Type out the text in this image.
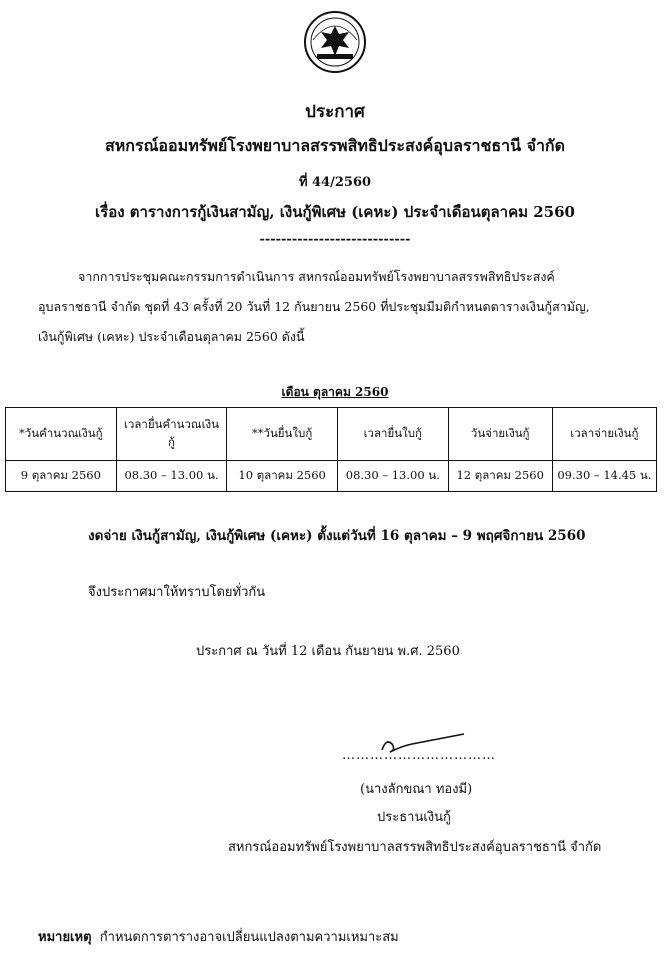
ประกาศ
สหกรณ์ออมทรัพย์โรงพยาบาลสรรพสิทธิประสงค์อุบลราชธานี จำกัด
ที่ 44/2560
เรื่อง ตารางการกู้เงินสามัญ, เงินกู้พิเศษ (เคหะ) ประจำเดือนตุลาคม 2560
----------------------------
จากการประชุมคณะกรรมการดำเนินการ สหกรณ์ออมทรัพย์โรงพยาบาลสรรพสิทธิประสงค์
อุบลราชธานี จำกัด ชุดที่ 43 ครั้งที่ 20 วันที่ 12 กันยายน 2560 ที่ประชุมมีมติกำหนดตารางเงินกู้สามัญ,
เงินกู้พิเศษ (เคหะ) ประจำเดือนตุลาคม 2560 ดังนี้
เดือน ตุลาคม 2560
*วันคำนวณเงินกู้	เวลายื่นคำนวณเงินกู้	**วันยื่นใบกู้	เวลายื่นใบกู้	วันจ่ายเงินกู้	เวลาจ่ายเงินกู้
9 ตุลาคม 2560	08.30 – 13.00 น.	10 ตุลาคม 2560	08.30 – 13.00 น.	12 ตุลาคม 2560	09.30 – 14.45 น.
งดจ่าย เงินกู้สามัญ, เงินกู้พิเศษ (เคหะ) ตั้งแต่วันที่ 16 ตุลาคม – 9 พฤศจิกายน 2560
จึงประกาศมาให้ทราบโดยทั่วกัน
ประกาศ ณ วันที่ 12 เดือน กันยายน พ.ศ. 2560
……………………………
(นางลักขณา ทองมี)
ประธานเงินกู้
สหกรณ์ออมทรัพย์โรงพยาบาลสรรพสิทธิประสงค์อุบลราชธานี จำกัด
หมายเหตุ กำหนดการตารางอาจเปลี่ยนแปลงตามความเหมาะสม
